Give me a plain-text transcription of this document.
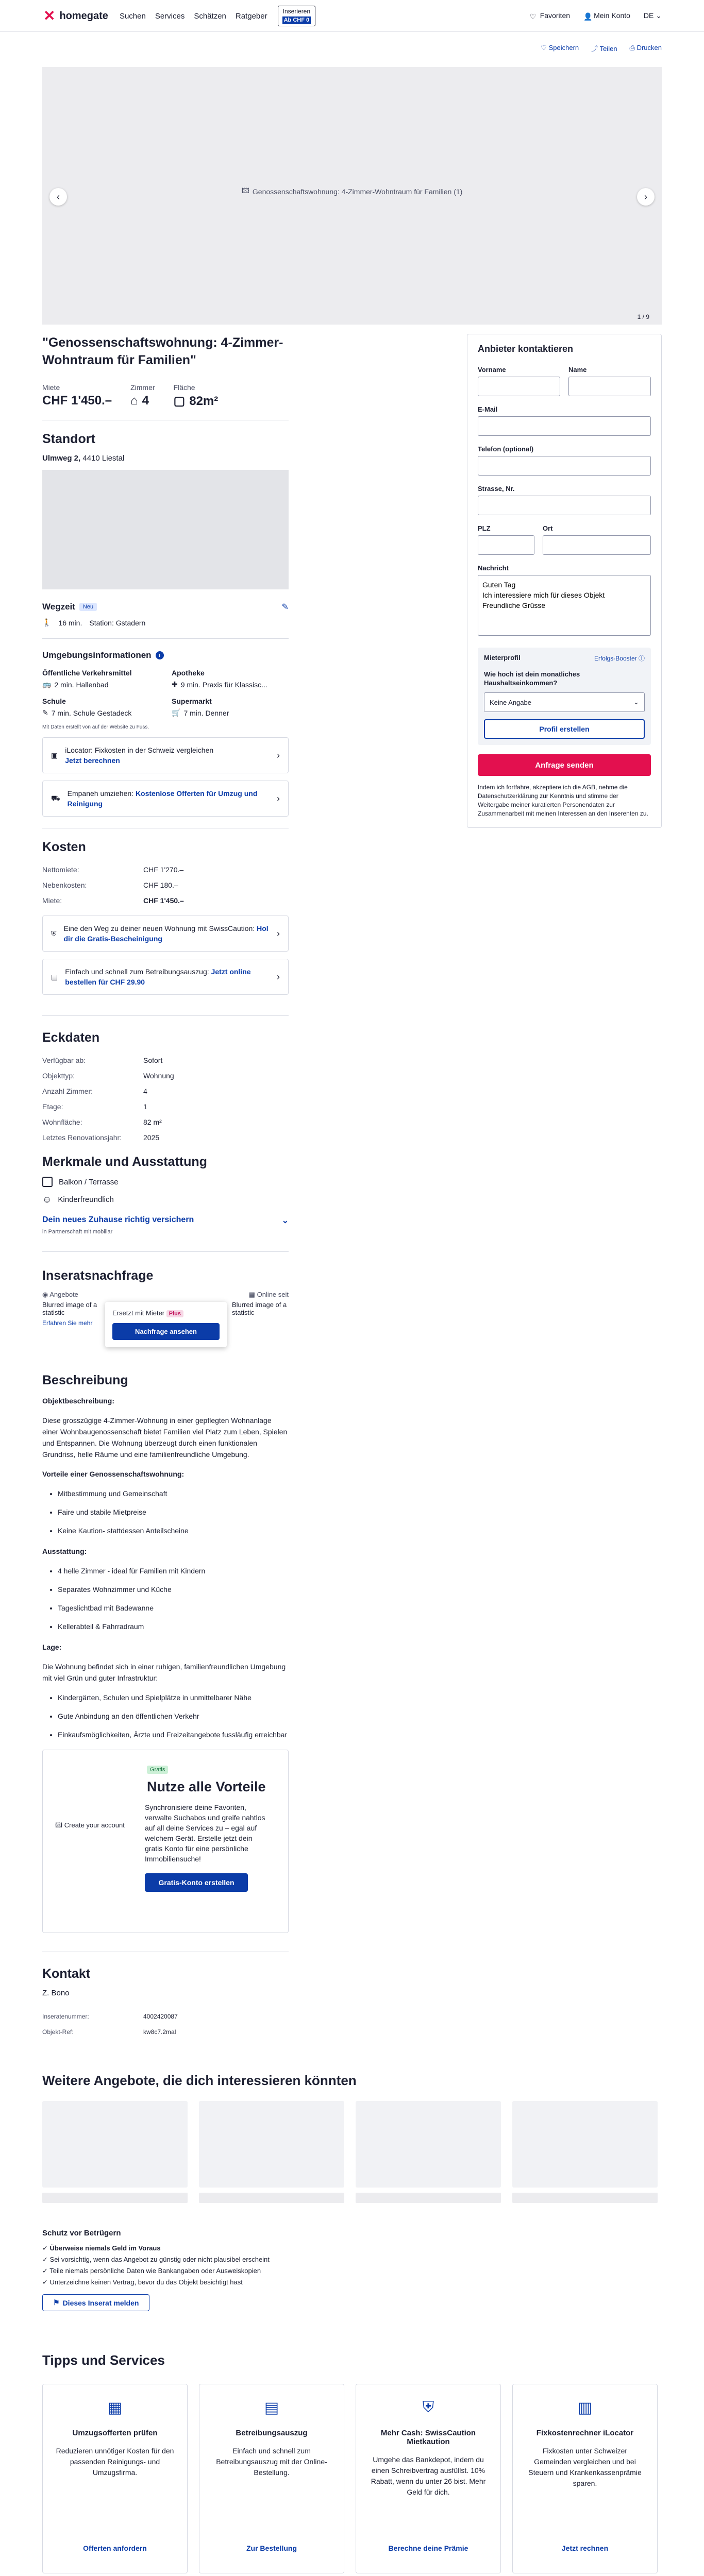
✕ homegate Suchen Services Schätzen Ratgeber
Inserieren
Ab CHF 0	♡ Favoriten 👤 Mein Konto DE ⌄
♡ Speichern ⤴ Teilen ⎙ Drucken
🖾 Genossenschaftswohnung: 4-Zimmer-Wohntraum für Familien (1)
‹	›
1 / 9
"Genossenschaftswohnung: 4-Zimmer-Wohntraum für Familien"
Miete
CHF 1'450.–
Zimmer
⌂ 4
Fläche
▢ 82m²
Standort
Ulmweg 2, 4410 Liestal
Wegzeit	Neu	✎
🚶 16 min. Station: Gstadern
Umgebungsinformationen	i
Öffentliche Verkehrsmittel
🚌 2 min. Hallenbad
Apotheke
✚ 9 min. Praxis für Klassisc...
Schule
✎ 7 min. Schule Gestadeck
Supermarkt
🛒 7 min. Denner
Mit Daten erstellt von auf der Website zu Fuss.
▣
iLocator: Fixkosten in der Schweiz vergleichen
Jetzt berechnen
›
⛟
Empaneh umziehen: Kostenlose Offerten für Umzug und Reinigung
›
Kosten
Nettomiete:	CHF 1'270.–
Nebenkosten:	CHF 180.–
Miete:	CHF 1'450.–
⛨
Eine den Weg zu deiner neuen Wohnung mit SwissCaution: Hol dir die Gratis-Bescheinigung
›
▤
Einfach und schnell zum Betreibungsauszug: Jetzt online bestellen für CHF 29.90
›
Eckdaten
Verfügbar ab:	Sofort
Objekttyp:	Wohnung
Anzahl Zimmer:	4
Etage:	1
Wohnfläche:	82 m²
Letztes Renovationsjahr:	2025
Merkmale und Ausstattung
Balkon / Terrasse
☺ Kinderfreundlich
Dein neues Zuhause richtig versichern	⌄
in Partnerschaft mit mobiliar
Inseratsnachfrage
◉ Angebote	▦ Online seit
Blurred image of a statistic
Blurred image of a statistic
Erfahren Sie mehr
Ersetzt mit Mieter Plus
Nachfrage ansehen
Beschreibung

Objektbeschreibung:

Diese grosszügige 4-Zimmer-Wohnung in einer gepflegten Wohnanlage einer Wohnbaugenossenschaft bietet Familien viel Platz zum Leben, Spielen und Entspannen. Die Wohnung überzeugt durch einen funktionalen Grundriss, helle Räume und eine familienfreundliche Umgebung.

Vorteile einer Genossenschaftswohnung:

• Mitbestimmung und Gemeinschaft
• Faire und stabile Mietpreise
• Keine Kaution- stattdessen Anteilscheine

Ausstattung:

• 4 helle Zimmer - ideal für Familien mit Kindern
• Separates Wohnzimmer und Küche
• Tageslichtbad mit Badewanne
• Kellerabteil & Fahrradraum

Lage:

Die Wohnung befindet sich in einer ruhigen, familienfreundlichen Umgebung mit viel Grün und guter Infrastruktur:

• Kindergärten, Schulen und Spielplätze in unmittelbarer Nähe
• Gute Anbindung an den öffentlichen Verkehr
• Einkaufsmöglichkeiten, Ärzte und Freizeitangebote fussläufig erreichbar
Gratis
Nutze alle Vorteile
🖾 Create your account

Synchronisiere deine Favoriten, verwalte Suchabos und greife nahtlos auf all deine Services zu – egal auf welchem Gerät. Erstelle jetzt dein gratis Konto für eine persönliche Immobiliensuche!

Gratis-Konto erstellen
Kontakt
Z. Bono
Inseratenummer:	4002420087
Objekt-Ref:	kw8c7.2mal
Anbieter kontaktieren
Vorname	Name
E-Mail
Telefon (optional)
Strasse, Nr.
PLZ	Ort
Nachricht
Guten Tag Ich interessiere mich für dieses Objekt Freundliche Grüsse
Mieterprofil	Erfolgs-Booster ⓘ
Wie hoch ist dein monatliches Haushaltseinkommen?
Keine Angabe	⌄
Profil erstellen
Anfrage senden
Indem ich fortfahre, akzeptiere ich die AGB, nehme die Datenschutzerklärung zur Kenntnis und stimme der Weitergabe meiner kuratierten Personendaten zur Zusammenarbeit mit meinen Interessen an den Inserenten zu.
Weitere Angebote, die dich interessieren könnten
Schutz vor Betrügern
✓ Überweise niemals Geld im Voraus
✓ Sei vorsichtig, wenn das Angebot zu günstig oder nicht plausibel erscheint
✓ Teile niemals persönliche Daten wie Bankangaben oder Ausweiskopien
✓ Unterzeichne keinen Vertrag, bevor du das Objekt besichtigt hast
⚑ Dieses Inserat melden
Tipps und Services
▦
Umzugsofferten prüfen

Reduzieren unnötiger Kosten für den passenden Reinigungs- und Umzugsfirma.

Offerten anfordern
▤
Betreibungsauszug

Einfach und schnell zum Betreibungsauszug mit der Online-Bestellung.

Zur Bestellung
⛨
Mehr Cash: SwissCaution Mietkaution

Umgehe das Bankdepot, indem du einen Schreibvertrag ausfüllst. 10% Rabatt, wenn du unter 26 bist. Mehr Geld für dich.

Berechne deine Prämie
▥
Fixkostenrechner iLocator

Fixkosten unter Schweizer Gemeinden vergleichen und bei Steuern und Krankenkassenprämie sparen.

Jetzt rechnen
